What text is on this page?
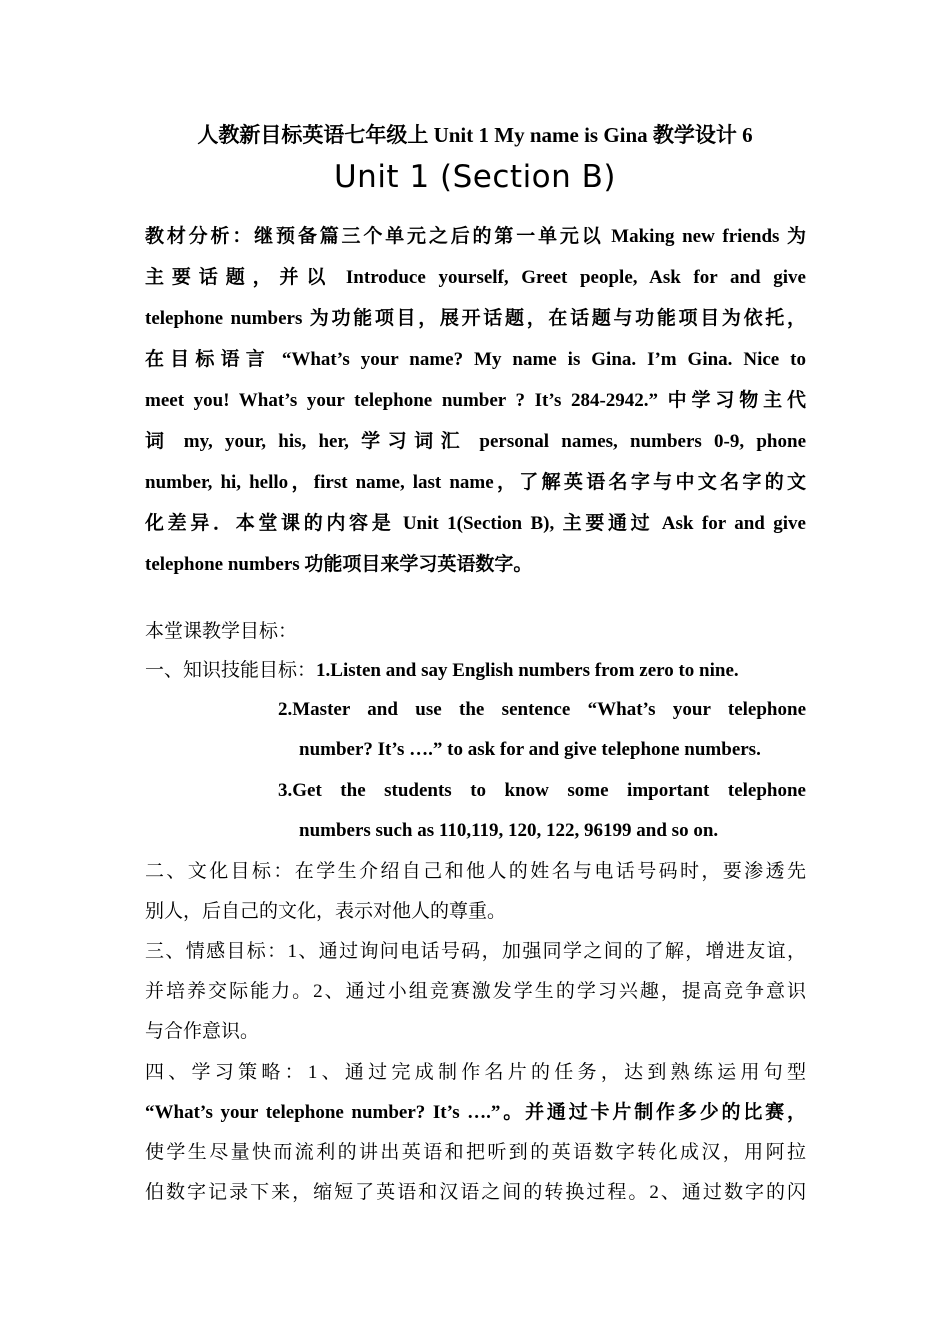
人教新目标英语七年级上 Unit 1 My name is Gina 教学设计 6
Unit 1 (Section B)
教材分析：继预备篇三个单元之后的第一单元以 Making new friends 为
主要话题，并以 Introduce yourself, Greet people, Ask for and give
telephone numbers 为功能项目，展开话题，在话题与功能项目为依托，
在目标语言 “What’s your name? My name is Gina. I’m Gina. Nice to
meet you! What’s your telephone number ? It’s 284-2942.” 中学习物主代
词 my, your, his, her, 学习词汇 personal names, numbers 0-9, phone
number, hi, hello，first name, last name，了解英语名字与中文名字的文
化差异．本堂课的内容是 Unit 1(Section B), 主要通过 Ask for and give
telephone numbers 功能项目来学习英语数字。
本堂课教学目标：
一、知识技能目标：1.Listen and say English numbers from zero to nine.
2.Master and use the sentence “What’s your telephone
number? It’s ….” to ask for and give telephone numbers.
3.Get the students to know some important telephone
numbers such as 110,119, 120, 122, 96199 and so on.
二、文化目标：在学生介绍自己和他人的姓名与电话号码时，要渗透先
别人，后自己的文化，表示对他人的尊重。
三、情感目标：1、通过询问电话号码，加强同学之间的了解，增进友谊，
并培养交际能力。2、通过小组竞赛激发学生的学习兴趣，提高竞争意识
与合作意识。
四、学习策略：1、通过完成制作名片的任务，达到熟练运用句型
“What’s your telephone number? It’s ….”。并通过卡片制作多少的比赛，
使学生尽量快而流利的讲出英语和把听到的英语数字转化成汉，用阿拉
伯数字记录下来，缩短了英语和汉语之间的转换过程。2、通过数字的闪
